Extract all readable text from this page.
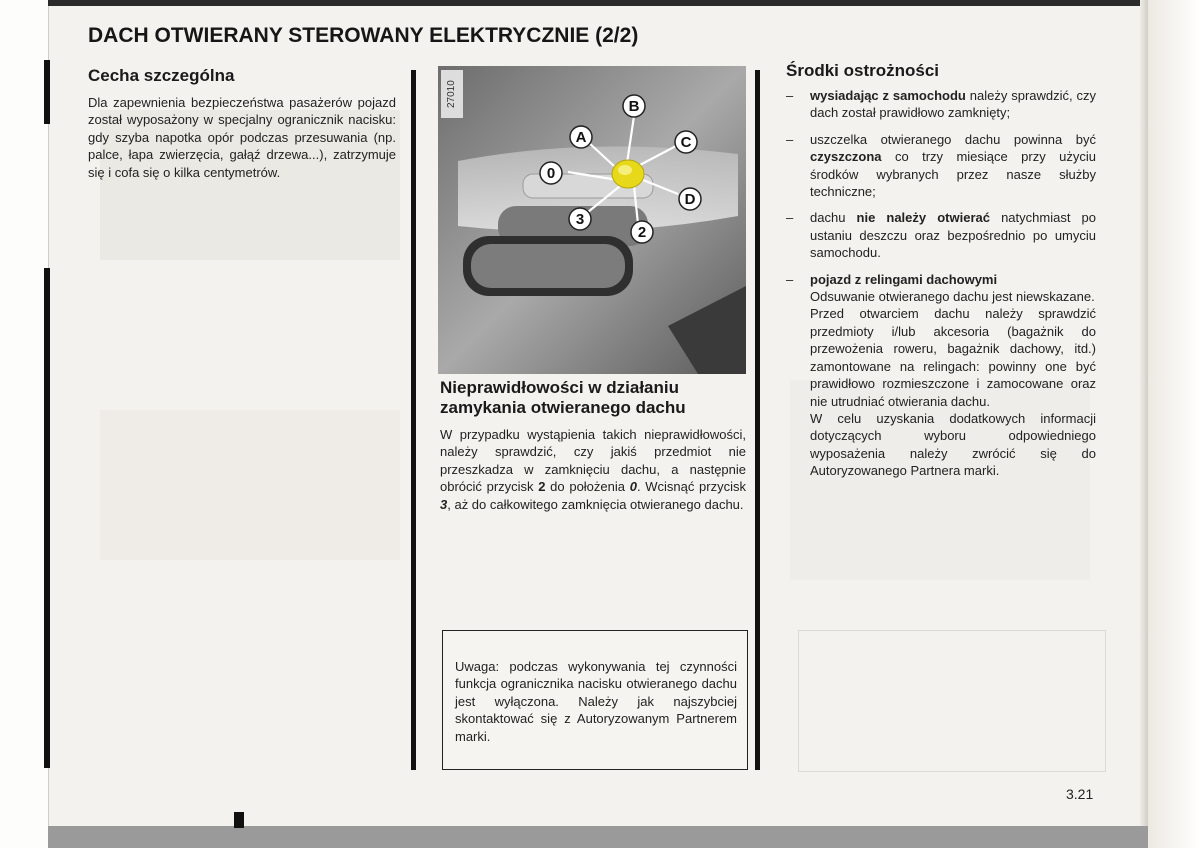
DACH OTWIERANY STEROWANY ELEKTRYCZNIE (2/2)
Cecha szczególna
Dla zapewnienia bezpieczeństwa pasażerów pojazd został wyposażony w specjalny ogranicznik nacisku: gdy szyba napotka opór podczas przesuwania (np. palce, łapa zwierzęcia, gałąź drzewa...), zatrzymuje się i cofa się o kilka centymetrów.
B
A	C
0
D
3
2
27010
Nieprawidłowości w działaniu zamykania otwieranego dachu
W przypadku wystąpienia takich nieprawidłowości, należy sprawdzić, czy jakiś przedmiot nie przeszkadza w zamknięciu dachu, a następnie obrócić przycisk 2 do położenia 0. Wcisnąć przycisk 3, aż do całkowitego zamknięcia otwieranego dachu.
Uwaga: podczas wykonywania tej czynności funkcja ogranicznika nacisku otwieranego dachu jest wyłączona. Należy jak najszybciej skontaktować się z Autoryzowanym Partnerem marki.
Środki ostrożności
– wysiadając z samochodu należy sprawdzić, czy dach został prawidłowo zamknięty;
– uszczelka otwieranego dachu powinna być czyszczona co trzy miesiące przy użyciu środków wybranych przez nasze służby techniczne;
– dachu nie należy otwierać natychmiast po ustaniu deszczu oraz bezpośrednio po umyciu samochodu.
– pojazd z relingami dachowymi
Odsuwanie otwieranego dachu jest niewskazane.
Przed otwarciem dachu należy sprawdzić przedmioty i/lub akcesoria (bagażnik do przewożenia roweru, bagażnik dachowy, itd.) zamontowane na relingach: powinny one być prawidłowo rozmieszczone i zamocowane oraz nie utrudniać otwierania dachu.
W celu uzyskania dodatkowych informacji dotyczących wyboru odpowiedniego wyposażenia należy zwrócić się do Autoryzowanego Partnera marki.
3.21
